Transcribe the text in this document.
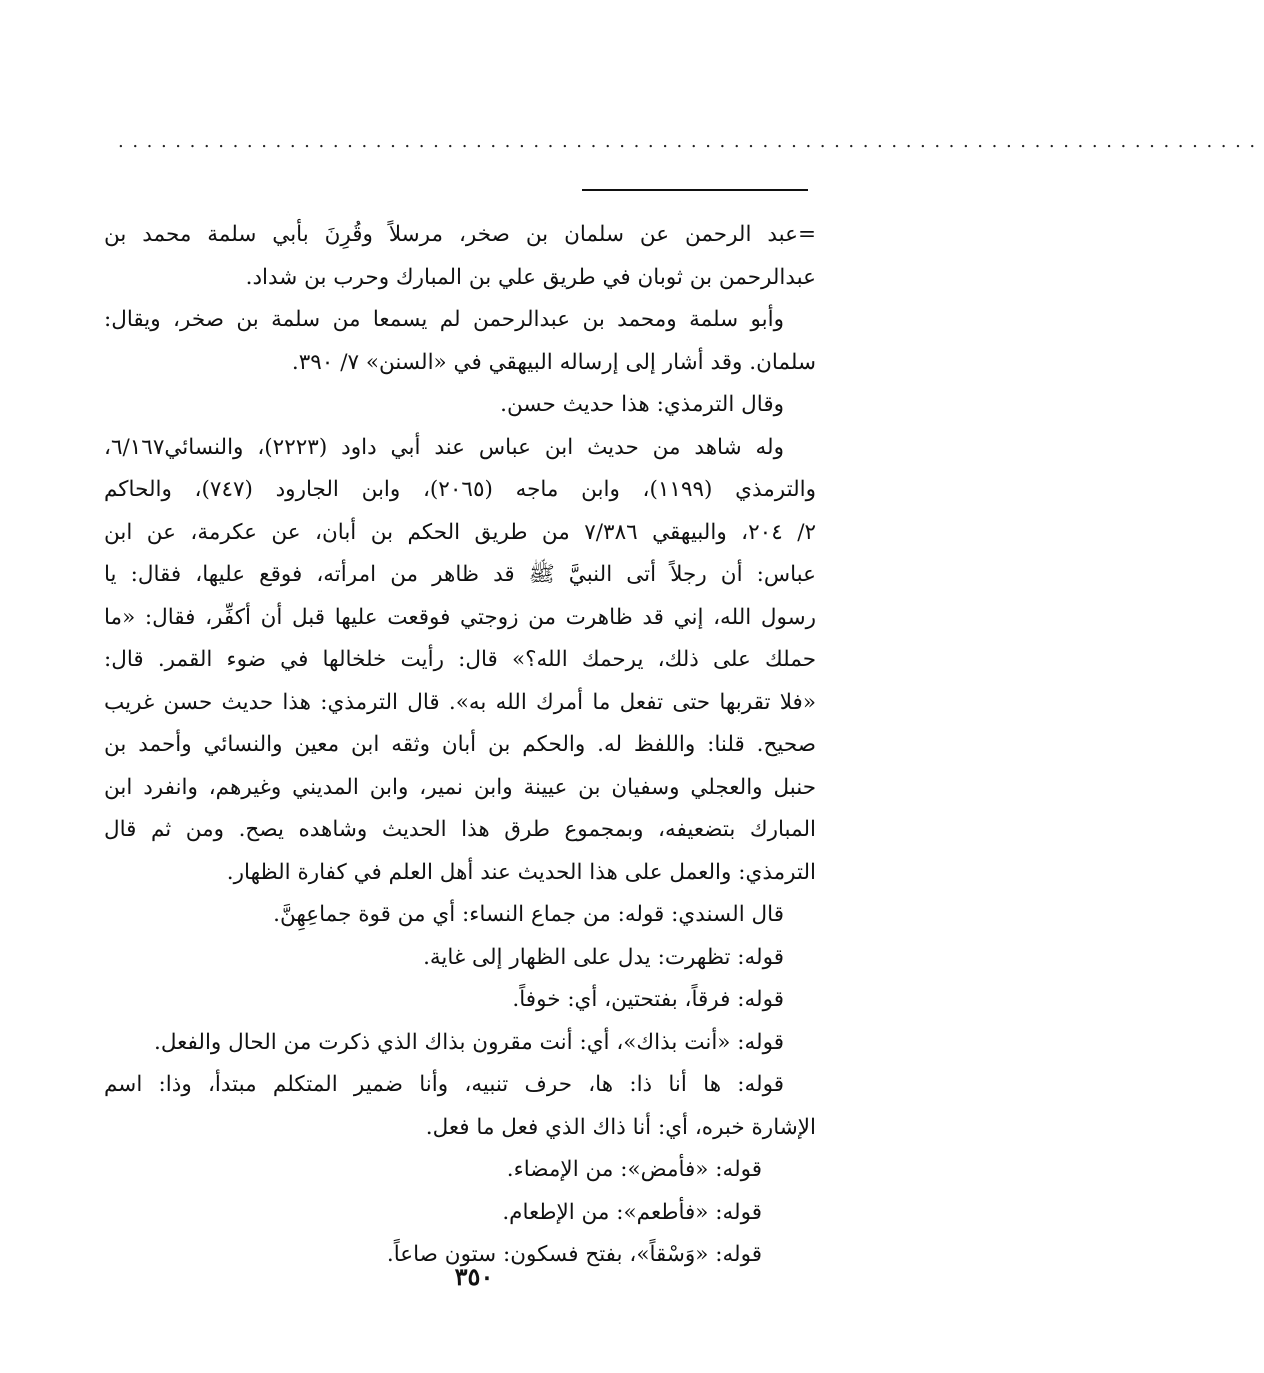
................................................................................
=عبد الرحمن عن سلمان بن صخر، مرسلاً وقُرِنَ بأبي سلمة محمد بن
عبدالرحمن بن ثوبان في طريق علي بن المبارك وحرب بن شداد.
وأبو سلمة ومحمد بن عبدالرحمن لم يسمعا من سلمة بن صخر، ويقال:
سلمان. وقد أشار إلى إرساله البيهقي في «السنن» ٧/ ٣٩٠.
وقال الترمذي: هذا حديث حسن.
وله شاهد من حديث ابن عباس عند أبي داود (٢٢٢٣)، والنسائي٦/١٦٧،
والترمذي (١١٩٩)، وابن ماجه (٢٠٦٥)، وابن الجارود (٧٤٧)، والحاكم
٢/ ٢٠٤، والبيهقي ٧/٣٨٦ من طريق الحكم بن أبان، عن عكرمة، عن ابن
عباس: أن رجلاً أتى النبيَّ ﷺ قد ظاهر من امرأته، فوقع عليها، فقال: يا
رسول الله، إني قد ظاهرت من زوجتي فوقعت عليها قبل أن أكفِّر، فقال: «ما
حملك على ذلك، يرحمك الله؟» قال: رأيت خلخالها في ضوء القمر. قال:
«فلا تقربها حتى تفعل ما أمرك الله به». قال الترمذي: هذا حديث حسن غريب
صحيح. قلنا: واللفظ له. والحكم بن أبان وثقه ابن معين والنسائي وأحمد بن
حنبل والعجلي وسفيان بن عيينة وابن نمير، وابن المديني وغيرهم، وانفرد ابن
المبارك بتضعيفه، وبمجموع طرق هذا الحديث وشاهده يصح. ومن ثم قال
الترمذي: والعمل على هذا الحديث عند أهل العلم في كفارة الظهار.
قال السندي: قوله: من جماع النساء: أي من قوة جماعِهِنَّ.
قوله: تظهرت: يدل على الظهار إلى غاية.
قوله: فرقاً، بفتحتين، أي: خوفاً.
قوله: «أنت بذاك»، أي: أنت مقرون بذاك الذي ذكرت من الحال والفعل.
قوله: ها أنا ذا: ها، حرف تنبيه، وأنا ضمير المتكلم مبتدأ، وذا: اسم
الإشارة خبره، أي: أنا ذاك الذي فعل ما فعل.
قوله: «فأمض»: من الإمضاء.
قوله: «فأطعم»: من الإطعام.
قوله: «وَسْقاً»، بفتح فسكون: ستون صاعاً.
٣٥٠
